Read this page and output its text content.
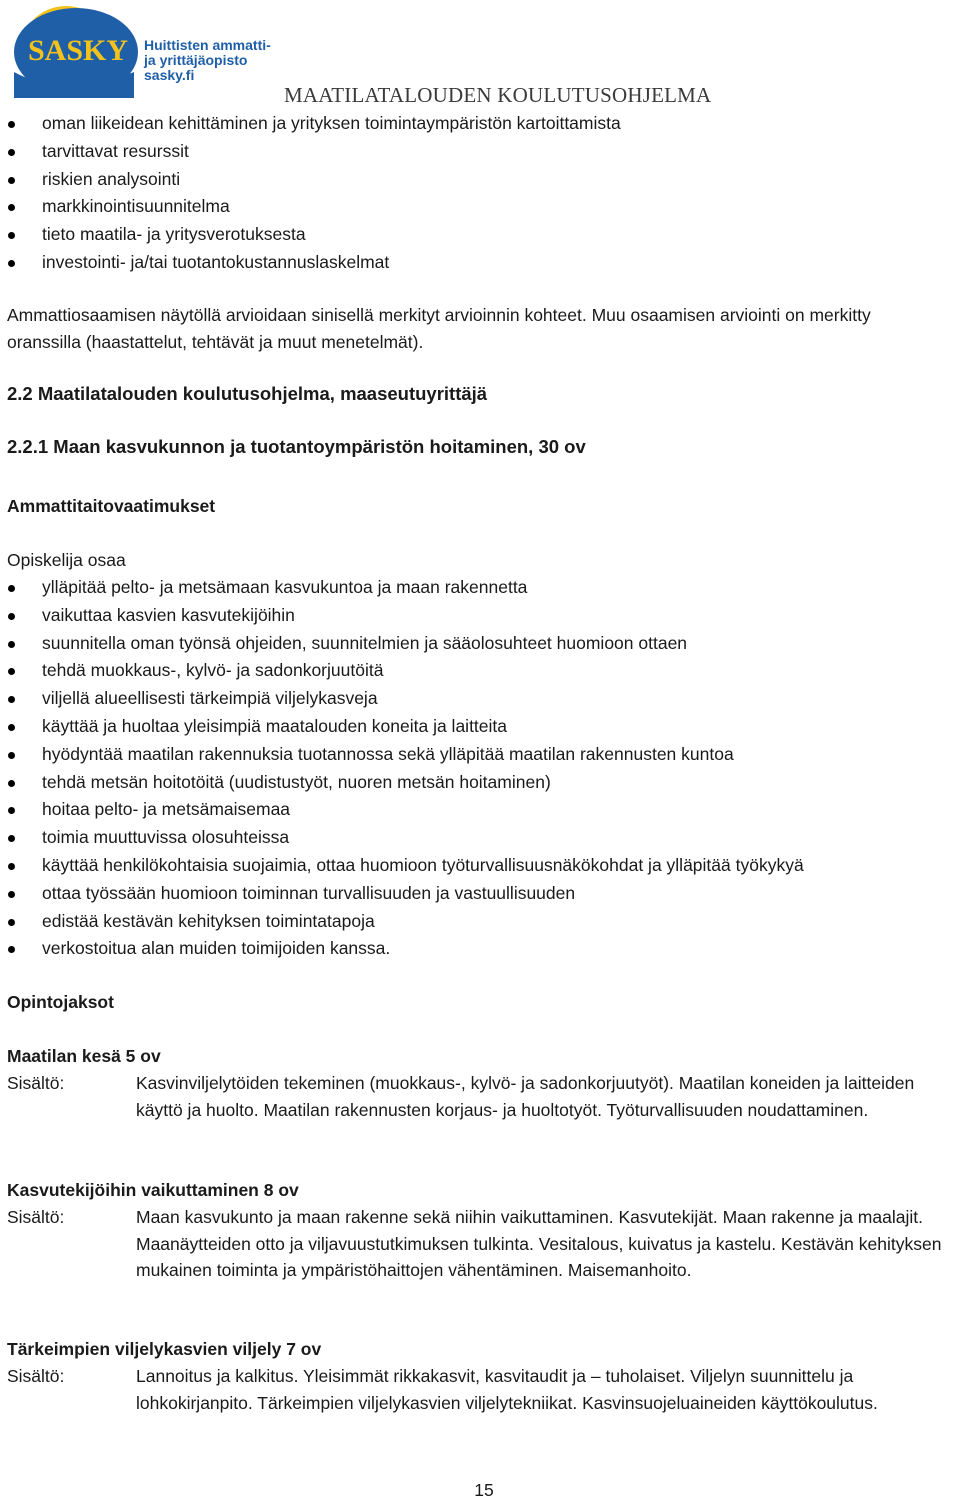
SASKY Huittisten ammatti-
ja yrittäjäopisto
sasky.fi
MAATILATALOUDEN KOULUTUSOHJELMA
oman liikeidean kehittäminen ja yrityksen toimintaympäristön kartoittamista
tarvittavat resurssit
riskien analysointi
markkinointisuunnitelma
tieto maatila- ja yritysverotuksesta
investointi- ja/tai tuotantokustannuslaskelmat
Ammattiosaamisen näytöllä arvioidaan sinisellä merkityt arvioinnin kohteet. Muu osaamisen arviointi on merkitty oranssilla (haastattelut, tehtävät ja muut menetelmät).
2.2 Maatilatalouden koulutusohjelma, maaseutuyrittäjä
2.2.1 Maan kasvukunnon ja tuotantoympäristön hoitaminen, 30 ov
Ammattitaitovaatimukset
Opiskelija osaa
ylläpitää pelto- ja metsämaan kasvukuntoa ja maan rakennetta
vaikuttaa kasvien kasvutekijöihin
suunnitella oman työnsä ohjeiden, suunnitelmien ja sääolosuhteet huomioon ottaen
tehdä muokkaus-, kylvö- ja sadonkorjuutöitä
viljellä alueellisesti tärkeimpiä viljelykasveja
käyttää ja huoltaa yleisimpiä maatalouden koneita ja laitteita
hyödyntää maatilan rakennuksia tuotannossa sekä ylläpitää maatilan rakennusten kuntoa
tehdä metsän hoitotöitä (uudistustyöt, nuoren metsän hoitaminen)
hoitaa pelto- ja metsämaisemaa
toimia muuttuvissa olosuhteissa
käyttää henkilökohtaisia suojaimia, ottaa huomioon työturvallisuusnäkökohdat ja ylläpitää työkykyä
ottaa työssään huomioon toiminnan turvallisuuden ja vastuullisuuden
edistää kestävän kehityksen toimintatapoja
verkostoitua alan muiden toimijoiden kanssa.
Opintojaksot
Maatilan kesä 5 ov
Sisältö:	Kasvinviljelytöiden tekeminen (muokkaus-, kylvö- ja sadonkorjuutyöt). Maatilan koneiden ja laitteiden käyttö ja huolto. Maatilan rakennusten korjaus- ja huoltotyöt. Työturvallisuuden noudattaminen.
Kasvutekijöihin vaikuttaminen 8 ov
Sisältö:	Maan kasvukunto ja maan rakenne sekä niihin vaikuttaminen. Kasvutekijät. Maan rakenne ja maalajit. Maanäytteiden otto ja viljavuustutkimuksen tulkinta. Vesitalous, kuivatus ja kastelu. Kestävän kehityksen mukainen toiminta ja ympäristöhaittojen vähentäminen. Maisemanhoito.
Tärkeimpien viljelykasvien viljely 7 ov
Sisältö:	Lannoitus ja kalkitus. Yleisimmät rikkakasvit, kasvitaudit ja – tuholaiset. Viljelyn suunnittelu ja lohkokirjanpito. Tärkeimpien viljelykasvien viljelytekniikat. Kasvinsuojeluaineiden käyttökoulutus.
15
